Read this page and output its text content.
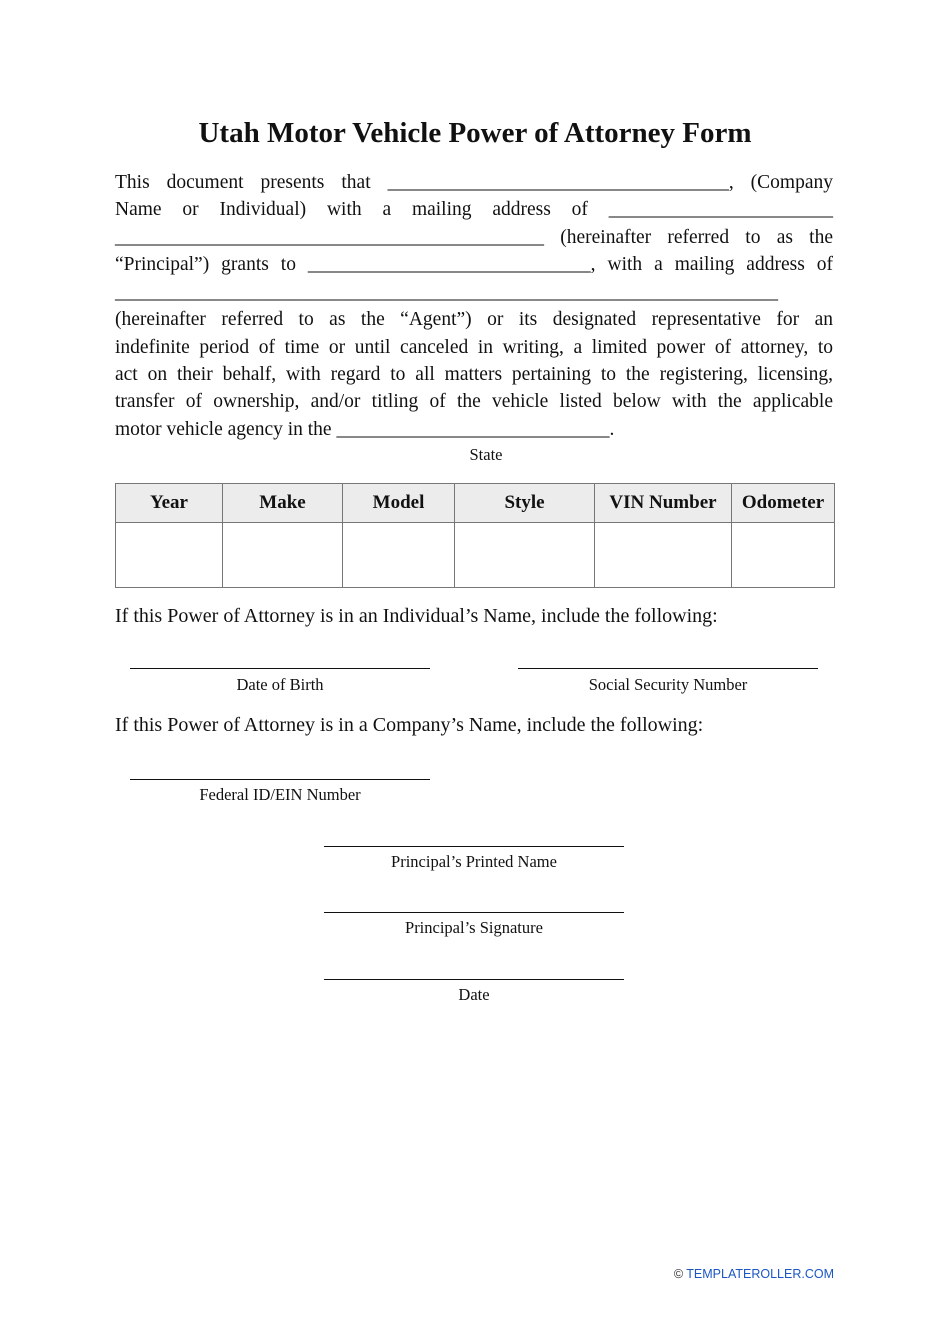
Utah Motor Vehicle Power of Attorney Form
This document presents that ___________________________________, (Company
Name or Individual) with a mailing address of _______________________
____________________________________________ (hereinafter referred to as the
“Principal”) grants to _____________________________, with a mailing address of
____________________________________________________________________
(hereinafter referred to as the “Agent”) or its designated representative for an
indefinite period of time or until canceled in writing, a limited power of attorney, to
act on their behalf, with regard to all matters pertaining to the registering, licensing,
transfer of ownership, and/or titling of the vehicle listed below with the applicable
motor vehicle agency in the ____________________________.
State
Year	Make	Model	Style	VIN Number	Odometer

If this Power of Attorney is in an Individual’s Name, include the following:
Date of Birth	Social Security Number
If this Power of Attorney is in a Company’s Name, include the following:
Federal ID/EIN Number
Principal’s Printed Name
Principal’s Signature
Date
© TEMPLATEROLLER.COM
